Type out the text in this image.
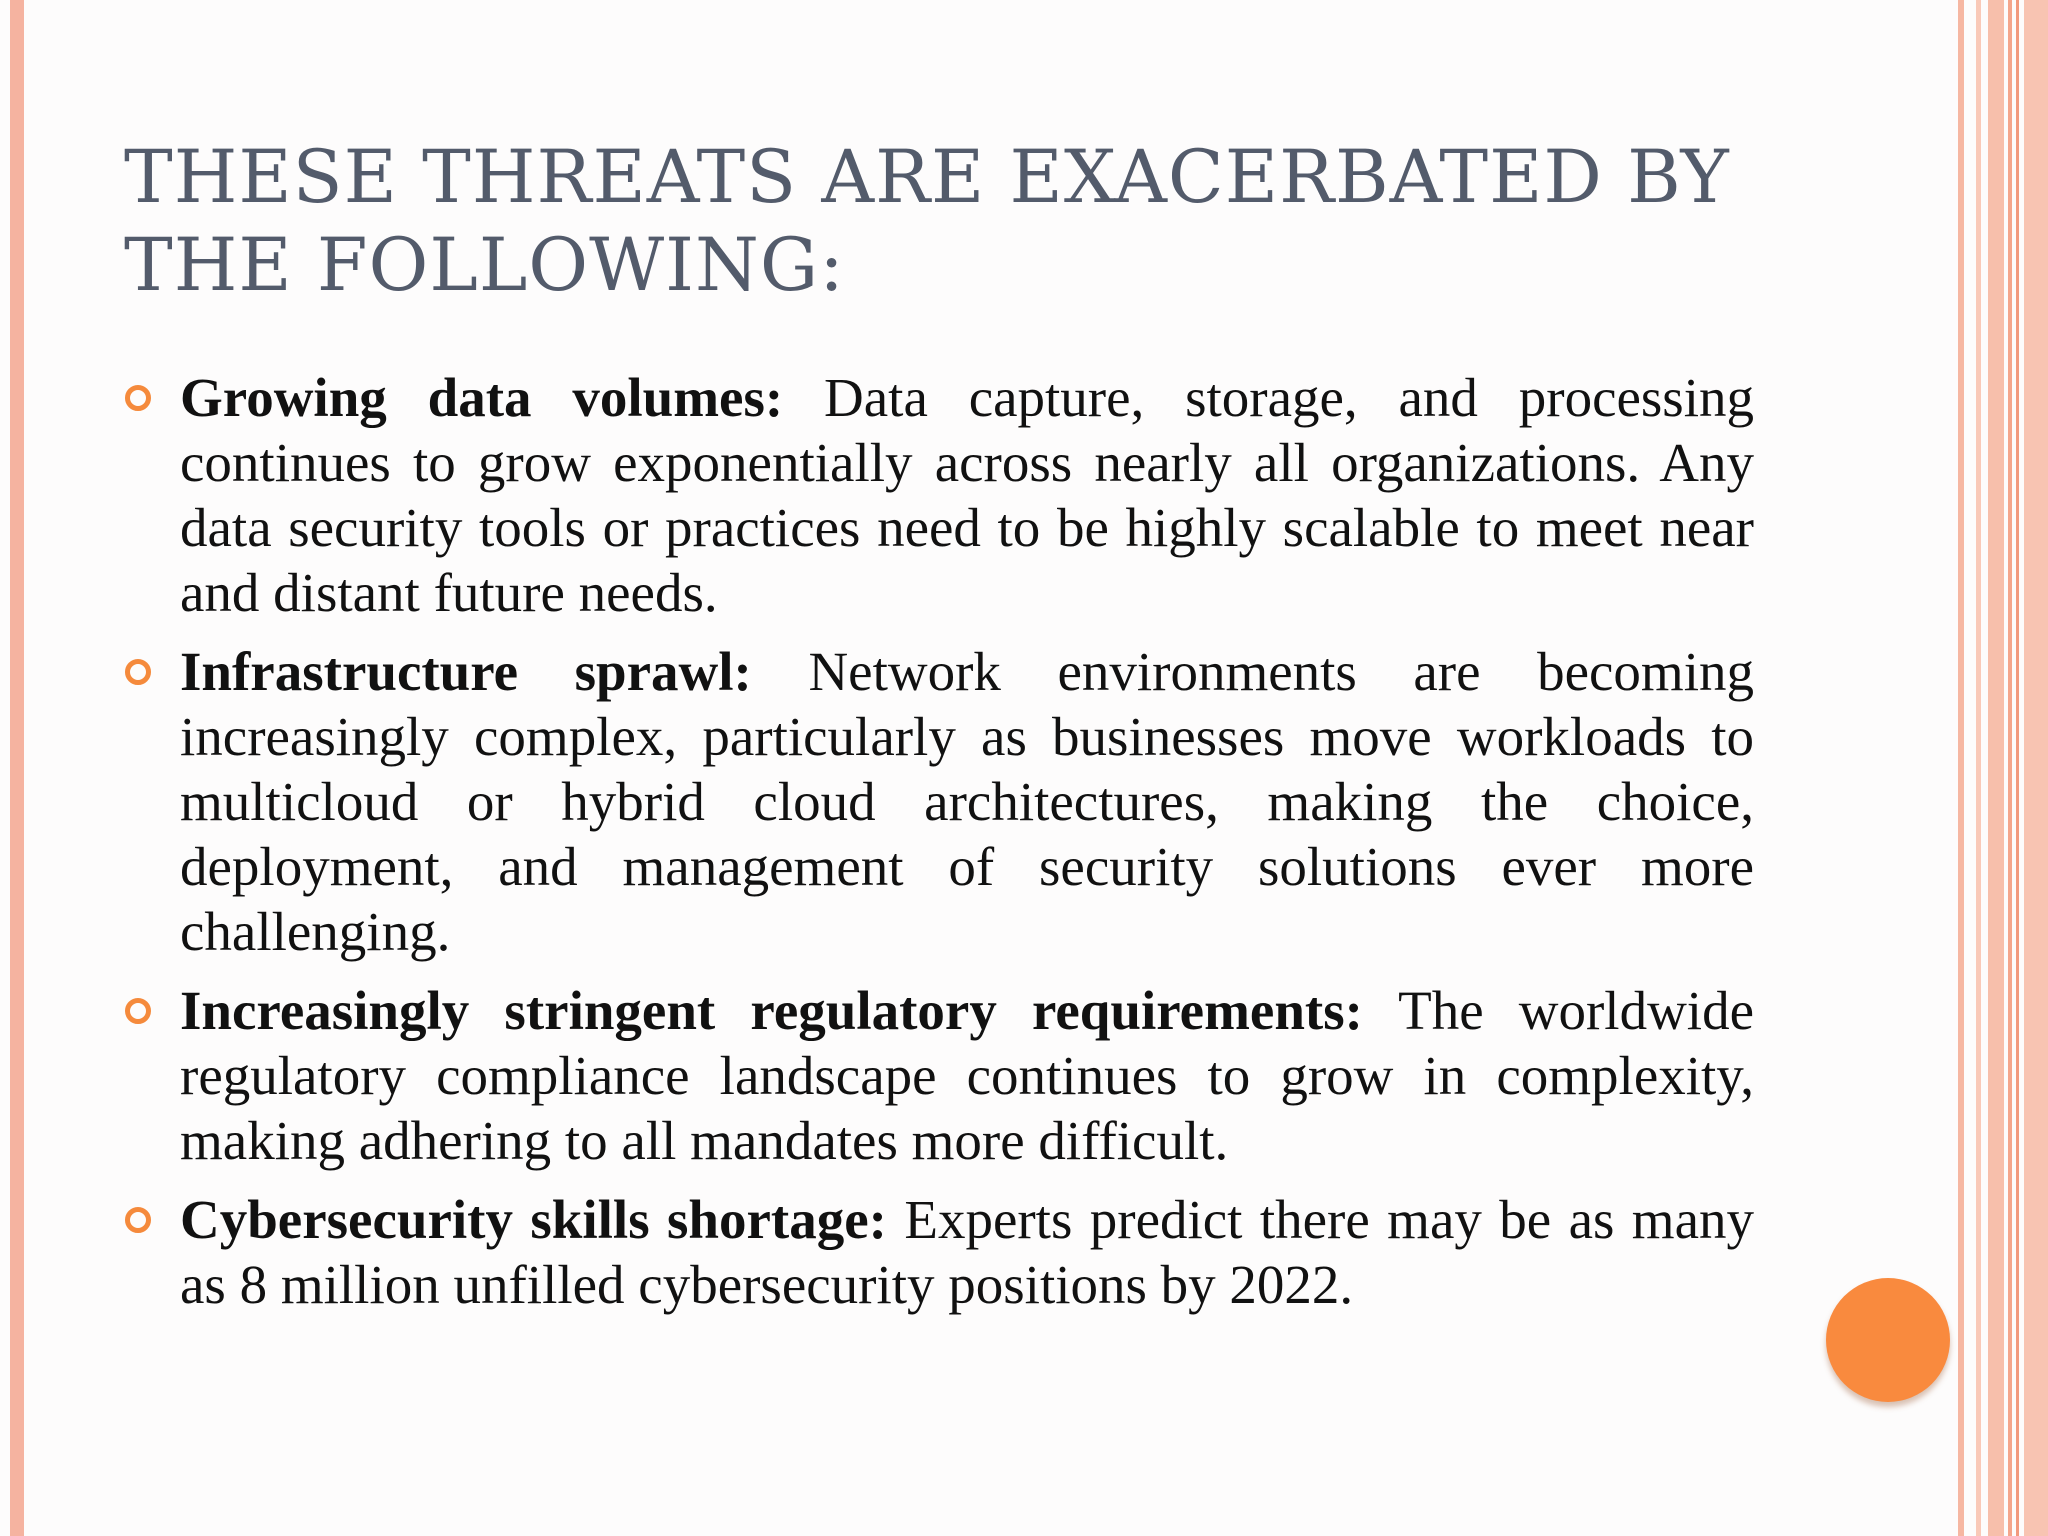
THESE THREATS ARE EXACERBATED BY THE FOLLOWING:
Growing data volumes: Data capture, storage, and processing continues to grow exponentially across nearly all organizations. Any data security tools or practices need to be highly scalable to meet near and distant future needs.
Infrastructure sprawl: Network environments are becoming increasingly complex, particularly as businesses move workloads to multicloud or hybrid cloud architectures, making the choice, deployment, and management of security solutions ever more challenging.
Increasingly stringent regulatory requirements: The worldwide regulatory compliance landscape continues to grow in complexity, making adhering to all mandates more difficult.
Cybersecurity skills shortage: Experts predict there may be as many as 8 million unfilled cybersecurity positions by 2022.
